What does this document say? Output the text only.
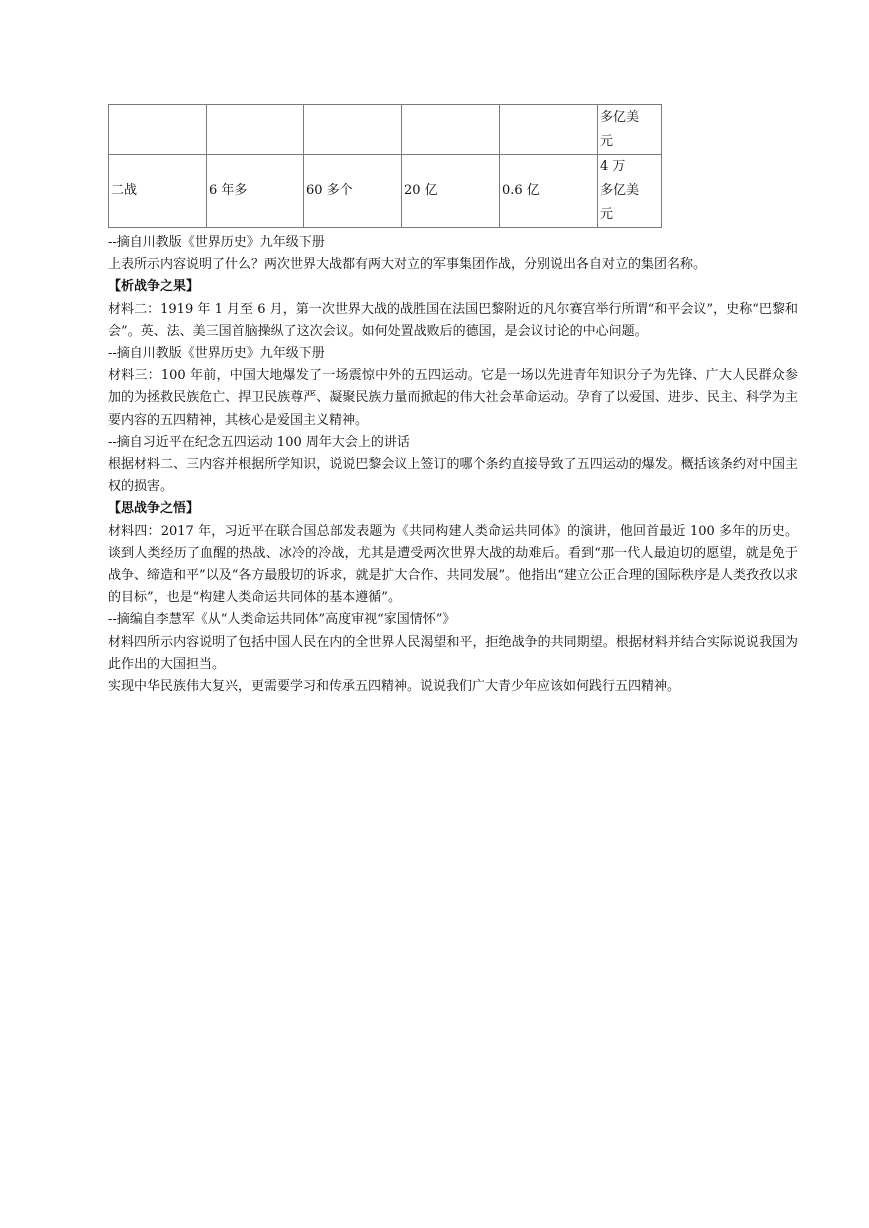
					多亿美
元

二战	6 年多	60 多个	20 亿	0.6 亿	4 万
多亿美
元

--摘自川教版《世界历史》九年级下册

上表所示内容说明了什么？两次世界大战都有两大对立的军事集团作战，分别说出各自对立的集团名称。

【析战争之果】

材料二：1919 年 1 月至 6 月，第一次世界大战的战胜国在法国巴黎附近的凡尔赛宫举行所谓“和平会议”，史称“巴黎和会”。英、法、美三国首脑操纵了这次会议。如何处置战败后的德国，是会议讨论的中心问题。

--摘自川教版《世界历史》九年级下册

材料三：100 年前，中国大地爆发了一场震惊中外的五四运动。它是一场以先进青年知识分子为先锋、广大人民群众参加的为拯救民族危亡、捍卫民族尊严、凝聚民族力量而掀起的伟大社会革命运动。孕育了以爱国、进步、民主、科学为主要内容的五四精神，其核心是爱国主义精神。

--摘自习近平在纪念五四运动 100 周年大会上的讲话

根据材料二、三内容并根据所学知识，说说巴黎会议上签订的哪个条约直接导致了五四运动的爆发。概括该条约对中国主权的损害。

【思战争之悟】

材料四：2017 年，习近平在联合国总部发表题为《共同构建人类命运共同体》的演讲，他回首最近 100 多年的历史。谈到人类经历了血醒的热战、冰冷的冷战，尤其是遭受两次世界大战的劫难后。看到“那一代人最迫切的愿望，就是免于战争、缔造和平”以及“各方最殷切的诉求，就是扩大合作、共同发展”。他指出“建立公正合理的国际秩序是人类孜孜以求的目标”，也是“构建人类命运共同体的基本遵循”。

--摘编自李慧军《从“人类命运共同体”高度审视“家国情怀”》

材料四所示内容说明了包括中国人民在内的全世界人民渴望和平，拒绝战争的共同期望。根据材料并结合实际说说我国为此作出的大国担当。

实现中华民族伟大复兴，更需要学习和传承五四精神。说说我们广大青少年应该如何践行五四精神。
